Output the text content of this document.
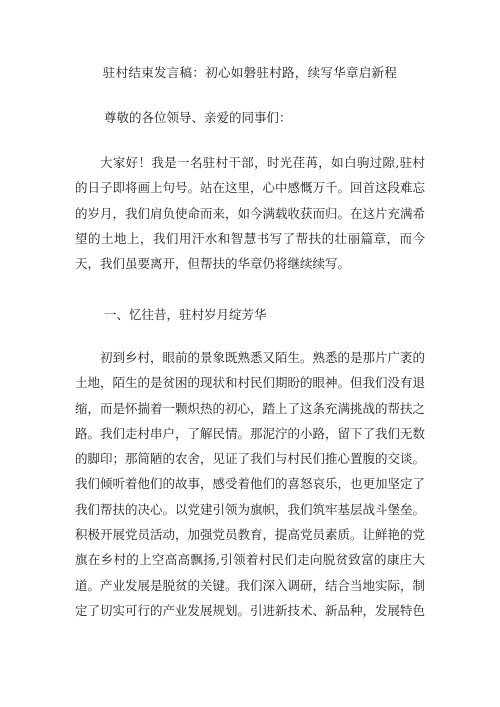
驻村结束发言稿：初心如磐驻村路，续写华章启新程
尊敬的各位领导、亲爱的同事们：

大家好！我是一名驻村干部，时光荏苒，如白驹过隙,驻村的日子即将画上句号。站在这里，心中感慨万千。回首这段难忘的岁月，我们肩负使命而来，如今满载收获而归。在这片充满希望的土地上，我们用汗水和智慧书写了帮扶的壮丽篇章，而今天，我们虽要离开，但帮扶的华章仍将继续续写。

一、忆往昔，驻村岁月绽芳华

初到乡村，眼前的景象既熟悉又陌生。熟悉的是那片广袤的土地，陌生的是贫困的现状和村民们期盼的眼神。但我们没有退缩，而是怀揣着一颗炽热的初心，踏上了这条充满挑战的帮扶之路。我们走村串户，了解民情。那泥泞的小路，留下了我们无数的脚印；那简陋的农舍，见证了我们与村民们推心置腹的交谈。我们倾听着他们的故事，感受着他们的喜怒哀乐，也更加坚定了我们帮扶的决心。以党建引领为旗帜，我们筑牢基层战斗堡垒。积极开展党员活动，加强党员教育，提高党员素质。让鲜艳的党旗在乡村的上空高高飘扬,引领着村民们走向脱贫致富的康庄大道。产业发展是脱贫的关键。我们深入调研，结合当地实际，制定了切实可行的产业发展规划。引进新技术、新品种，发展特色
